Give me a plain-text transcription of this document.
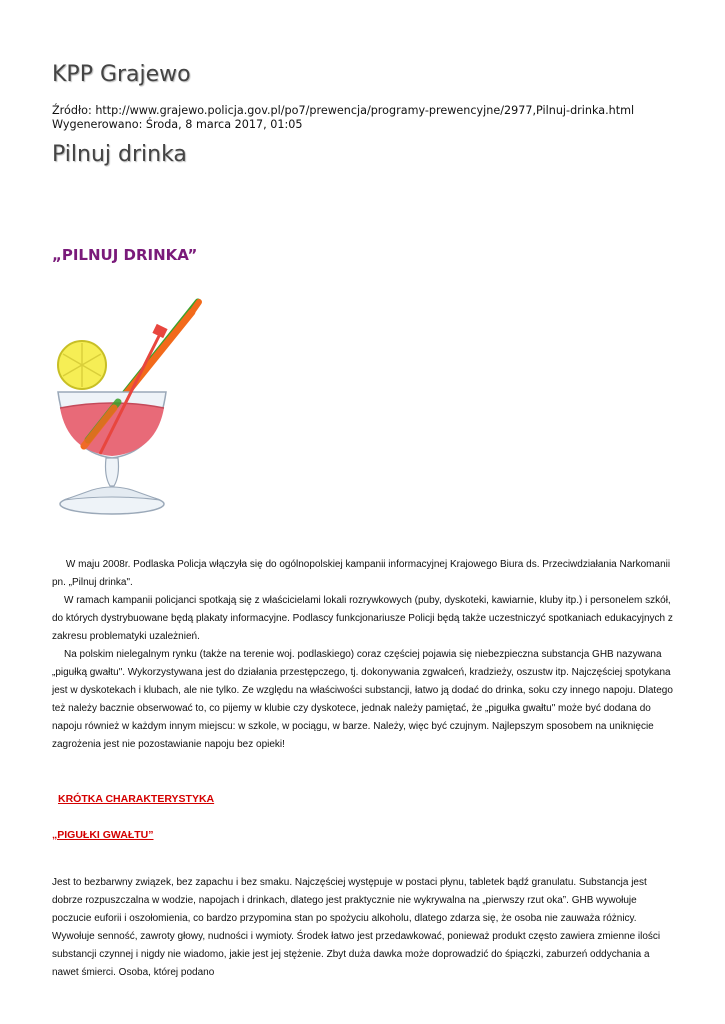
KPP Grajewo
Źródło: http://www.grajewo.policja.gov.pl/po7/prewencja/programy-prewencyjne/2977,Pilnuj-drinka.html
Wygenerowano: Środa, 8 marca 2017, 01:05
Pilnuj drinka
„PILNUJ DRINKA”

W maju 2008r. Podlaska Policja włączyła się do ogólnopolskiej kampanii informacyjnej Krajowego Biura ds. Przeciwdziałania Narkomanii pn. „Pilnuj drinka".

W ramach kampanii policjanci spotkają się z właścicielami lokali rozrywkowych (puby, dyskoteki, kawiarnie, kluby itp.) i personelem szkół, do których dystrybuowane będą plakaty informacyjne. Podlascy funkcjonariusze Policji będą także uczestniczyć spotkaniach edukacyjnych z zakresu problematyki uzależnień.

Na polskim nielegalnym rynku (także na terenie woj. podlaskiego) coraz częściej pojawia się niebezpieczna substancja GHB nazywana „pigułką gwałtu". Wykorzystywana jest do działania przestępczego, tj. dokonywania zgwałceń, kradzieży, oszustw itp. Najczęściej spotykana jest w dyskotekach i klubach, ale nie tylko. Ze względu na właściwości substancji, łatwo ją dodać do drinka, soku czy innego napoju. Dlatego też należy bacznie obserwować to, co pijemy w klubie czy dyskotece, jednak należy pamiętać, że „pigułka gwałtu" może być dodana do napoju również w każdym innym miejscu: w szkole, w pociągu, w barze. Należy, więc być czujnym. Najlepszym sposobem na uniknięcie zagrożenia jest nie pozostawianie napoju bez opieki!

KRÓTKA CHARAKTERYSTYKA
„PIGUŁKI GWAŁTU”

Jest to bezbarwny związek, bez zapachu i bez smaku. Najczęściej występuje w postaci płynu, tabletek bądź granulatu. Substancja jest dobrze rozpuszczalna w wodzie, napojach i drinkach, dlatego jest praktycznie nie wykrywalna na „pierwszy rzut oka”. GHB wywołuje poczucie euforii i oszołomienia, co bardzo przypomina stan po spożyciu alkoholu, dlatego zdarza się, że osoba nie zauważa różnicy. Wywołuje senność, zawroty głowy, nudności i wymioty. Środek łatwo jest przedawkować, ponieważ produkt często zawiera zmienne ilości substancji czynnej i nigdy nie wiadomo, jakie jest jej stężenie. Zbyt duża dawka może doprowadzić do śpiączki, zaburzeń oddychania a nawet śmierci. Osoba, której podano
